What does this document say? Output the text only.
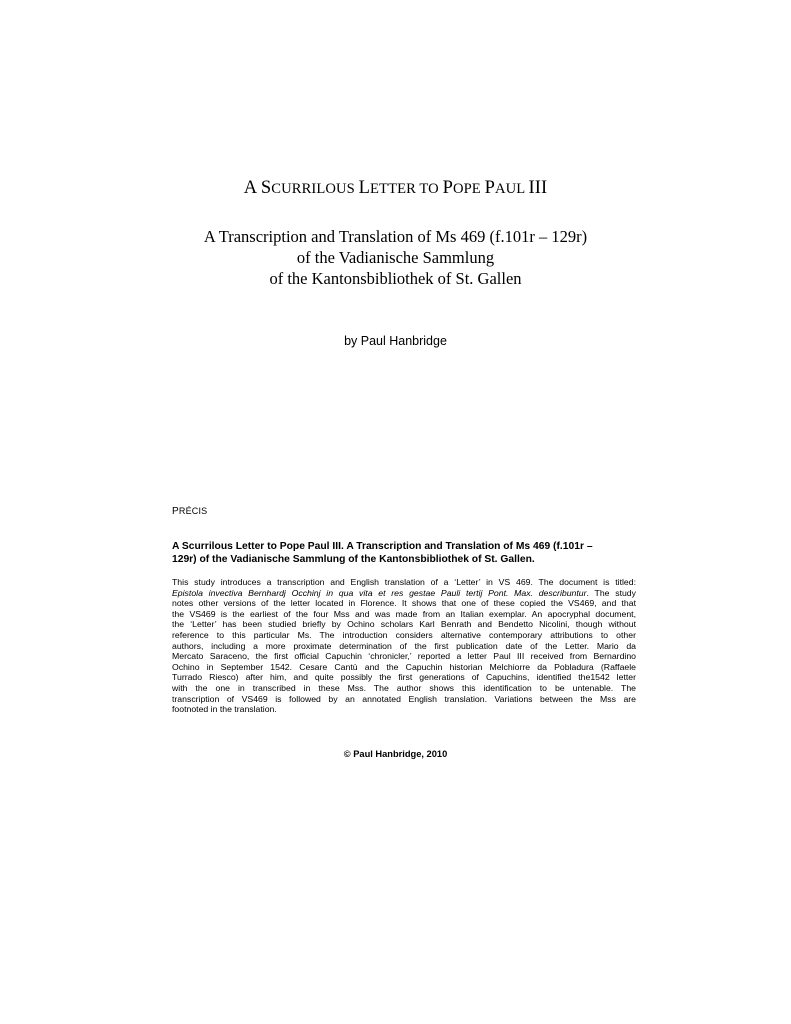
A SCURRILOUS LETTER TO POPE PAUL III
A Transcription and Translation of Ms 469 (f.101r – 129r)
of the Vadianische Sammlung
of the Kantonsbibliothek of St. Gallen
by Paul Hanbridge
PRÉCIS
A Scurrilous Letter to Pope Paul III. A Transcription and Translation of Ms 469 (f.101r –
129r) of the Vadianische Sammlung of the Kantonsbibliothek of St. Gallen.
This study introduces a transcription and English translation of a ‘Letter’ in VS 469. The document is titled:
Epistola invectiva Bernhardj Occhinj in qua vita et res gestae Pauli tertij Pont. Max. describuntur. The study
notes other versions of the letter located in Florence. It shows that one of these copied the VS469, and that
the VS469 is the earliest of the four Mss and was made from an Italian exemplar. An apocryphal document,
the ‘Letter’ has been studied briefly by Ochino scholars Karl Benrath and Bendetto Nicolini, though without
reference to this particular Ms. The introduction considers alternative contemporary attributions to other
authors, including a more proximate determination of the first publication date of the Letter. Mario da
Mercato Saraceno, the first official Capuchin ‘chronicler,’ reported a letter Paul III received from Bernardino
Ochino in September 1542. Cesare Cantù and the Capuchin historian Melchiorre da Pobladura (Raffaele
Turrado Riesco) after him, and quite possibly the first generations of Capuchins, identified the1542 letter
with the one in transcribed in these Mss. The author shows this identification to be untenable. The
transcription of VS469 is followed by an annotated English translation. Variations between the Mss are
footnoted in the translation.
© Paul Hanbridge, 2010
